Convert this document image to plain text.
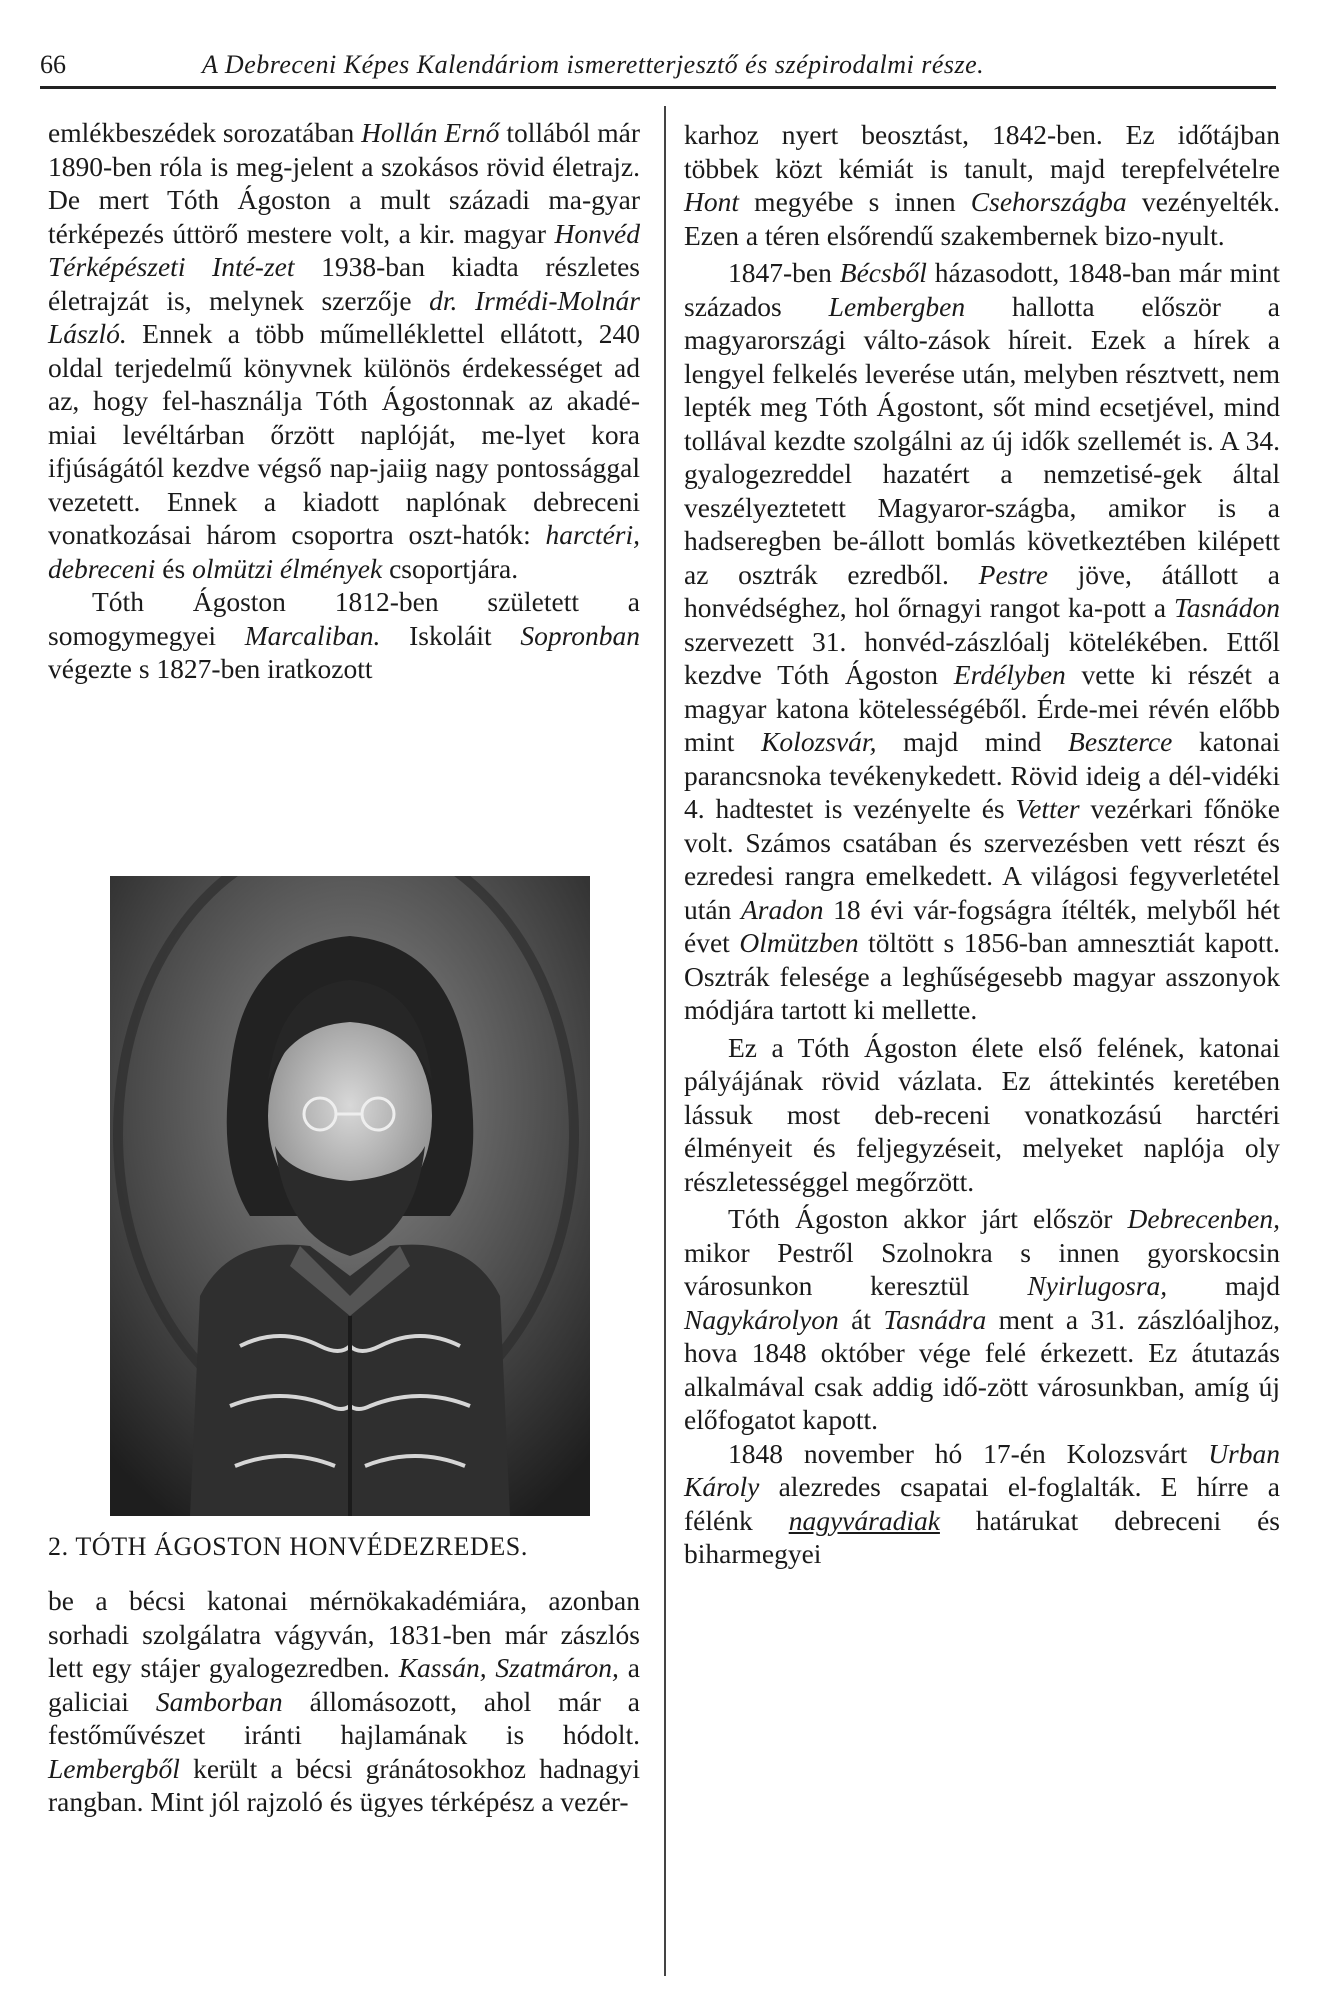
66	A Debreceni Képes Kalendáriom ismeretterjesztő és szépirodalmi része.

emlékbeszédek sorozatában Hollán Ernő tollából már 1890-ben róla is meg-jelent a szokásos rövid életrajz. De mert Tóth Ágoston a mult századi ma-gyar térképezés úttörő mestere volt, a kir. magyar Honvéd Térképészeti Inté-zet 1938-ban kiadta részletes életrajzát is, melynek szerzője dr. Irmédi-Molnár László. Ennek a több műmelléklettel ellátott, 240 oldal terjedelmű könyvnek különös érdekességet ad az, hogy fel-használja Tóth Ágostonnak az akadé-miai levéltárban őrzött naplóját, me-lyet kora ifjúságától kezdve végső nap-jaiig nagy pontossággal vezetett. Ennek a kiadott naplónak debreceni vonatkozásai három csoportra oszt-hatók: harctéri, debreceni és olmützi élmények csoportjára.

Tóth Ágoston 1812-ben született a somogymegyei Marcaliban. Iskoláit Sopronban végezte s 1827-ben iratkozott

2. TÓTH ÁGOSTON HONVÉDEZREDES.

be a bécsi katonai mérnökakadémiára, azonban sorhadi szolgálatra vágyván, 1831-ben már zászlós lett egy stájer gyalogezredben. Kassán, Szatmáron, a galiciai Samborban állomásozott, ahol már a festőművészet iránti hajlamának is hódolt. Lembergből került a bécsi gránátosokhoz hadnagyi rangban. Mint jól rajzoló és ügyes térképész a vezér-

karhoz nyert beosztást, 1842-ben. Ez időtájban többek közt kémiát is tanult, majd terepfelvételre Hont megyébe s innen Csehországba vezényelték. Ezen a téren elsőrendű szakembernek bizo-nyult.

1847-ben Bécsből házasodott, 1848-ban már mint százados Lembergben hallotta először a magyarországi válto-zások híreit. Ezek a hírek a lengyel felkelés leverése után, melyben résztvett, nem lepték meg Tóth Ágostont, sőt mind ecsetjével, mind tollával kezdte szolgálni az új idők szellemét is. A 34. gyalogezreddel hazatért a nemzetisé-gek által veszélyeztetett Magyaror-szágba, amikor is a hadseregben be-állott bomlás következtében kilépett az osztrák ezredből. Pestre jöve, átállott a honvédséghez, hol őrnagyi rangot ka-pott a Tasnádon szervezett 31. honvéd-zászlóalj kötelékében. Ettől kezdve Tóth Ágoston Erdélyben vette ki részét a magyar katona kötelességéből. Érde-mei révén előbb mint Kolozsvár, majd mind Beszterce katonai parancsnoka tevékenykedett. Rövid ideig a dél-vidéki 4. hadtestet is vezényelte és Vetter vezérkari főnöke volt. Számos csatában és szervezésben vett részt és ezredesi rangra emelkedett. A világosi fegyverletétel után Aradon 18 évi vár-fogságra ítélték, melyből hét évet Olmützben töltött s 1856-ban amnesztiát kapott. Osztrák felesége a leghűségesebb magyar asszonyok módjára tartott ki mellette.

Ez a Tóth Ágoston élete első felének, katonai pályájának rövid vázlata. Ez áttekintés keretében lássuk most deb-receni vonatkozású harctéri élményeit és feljegyzéseit, melyeket naplója oly részletességgel megőrzött.

Tóth Ágoston akkor járt először Debrecenben, mikor Pestről Szolnokra s innen gyorskocsin városunkon keresztül Nyirlugosra, majd Nagykárolyon át Tasnádra ment a 31. zászlóaljhoz, hova 1848 október vége felé érkezett. Ez átutazás alkalmával csak addig idő-zött városunkban, amíg új előfogatot kapott.

1848 november hó 17-én Kolozsvárt Urban Károly alezredes csapatai el-foglalták. E hírre a félénk nagyváradiak határukat debreceni és biharmegyei
